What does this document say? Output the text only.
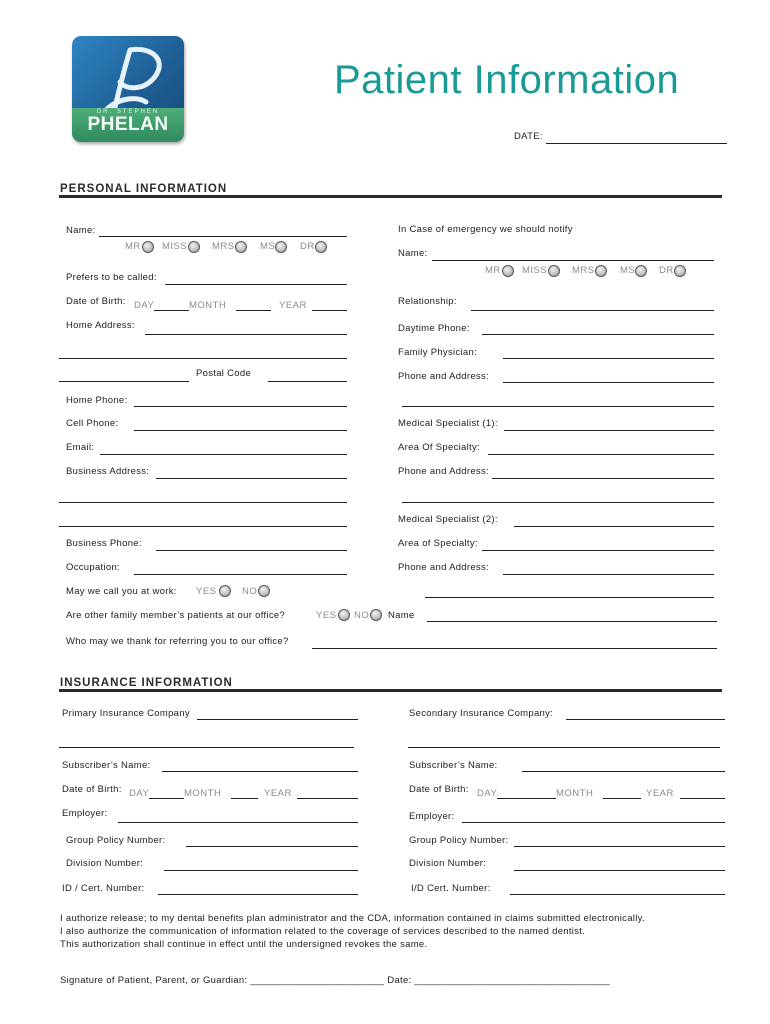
DR. STEPHEN
PHELAN
Patient Information
DATE:
PERSONAL INFORMATION
Name:
MR MISS	MRS	MS	DR
Prefers to be called:
Date of Birth: DAY	MONTH	YEAR
Home Address:
Postal Code
Home Phone:
Cell Phone:
Email:
Business Address:
Business Phone:
Occupation:
May we call you at work: YES	NO
Are other family member’s patients at our office?	YES NO Name
Who may we thank for referring you to our office?
In Case of emergency we should notify
Name:
MR MISS	MRS	MS	DR
Relationship:
Daytime Phone:
Family Physician:
Phone and Address:
Medical Specialist (1):
Area Of Specialty:
Phone and Address:
Medical Specialist (2):
Area of Specialty:
Phone and Address:
INSURANCE INFORMATION
Primary Insurance Company	Secondary Insurance Company:
Subscriber’s Name:	Subscriber’s Name:
Date of Birth: DAY	MONTH	YEAR	Date of Birth: DAY	MONTH	YEAR
Employer:	Employer:
Group Policy Number:	Group Policy Number:
Division Number:	Division Number:
ID / Cert. Number:	I/D Cert. Number:
I authorize release; to my dental benefits plan administrator and the CDA, information contained in claims submitted electronically.
I also authorize the communication of information related to the coverage of services described to the named dentist.
This authorization shall continue in effect until the undersigned revokes the same.
Signature of Patient, Parent, or Guardian: ________________________ Date: ___________________________________
